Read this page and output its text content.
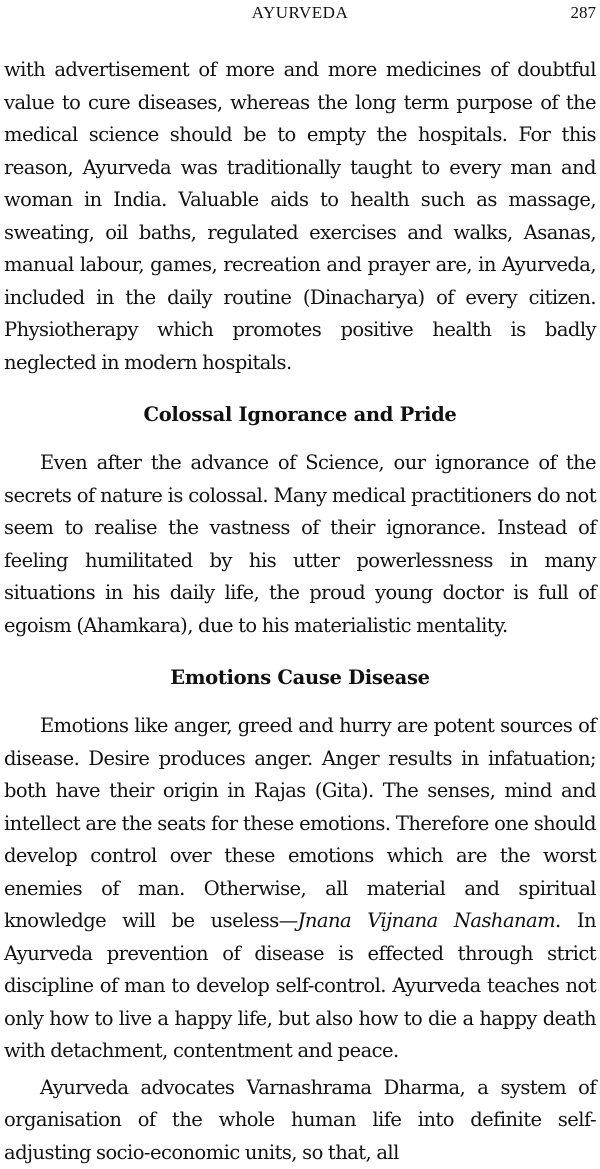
AYURVEDA	287

with advertisement of more and more medicines of doubtful value to cure diseases, whereas the long term purpose of the medical science should be to empty the hospitals. For this reason, Ayurveda was traditionally taught to every man and woman in India. Valuable aids to health such as massage, sweating, oil baths, regulated exercises and walks, Asanas, manual labour, games, recreation and prayer are, in Ayurveda, included in the daily routine (Dinacharya) of every citizen. Physiotherapy which promotes positive health is badly neglected in modern hospitals.

Colossal Ignorance and Pride

Even after the advance of Science, our ignorance of the secrets of nature is colossal. Many medical practitioners do not seem to realise the vastness of their ignorance. Instead of feeling humilitated by his utter powerlessness in many situations in his daily life, the proud young doctor is full of egoism (Ahamkara), due to his materialistic mentality.

Emotions Cause Disease

Emotions like anger, greed and hurry are potent sources of disease. Desire produces anger. Anger results in infatuation; both have their origin in Rajas (Gita). The senses, mind and intellect are the seats for these emotions. Therefore one should develop control over these emotions which are the worst enemies of man. Otherwise, all material and spiritual knowledge will be useless—Jnana Vijnana Nashanam. In Ayurveda prevention of disease is effected through strict discipline of man to develop self-control. Ayurveda teaches not only how to live a happy life, but also how to die a happy death with detachment, contentment and peace.

Ayurveda advocates Varnashrama Dharma, a system of organisation of the whole human life into definite self- adjusting socio-economic units, so that, all
